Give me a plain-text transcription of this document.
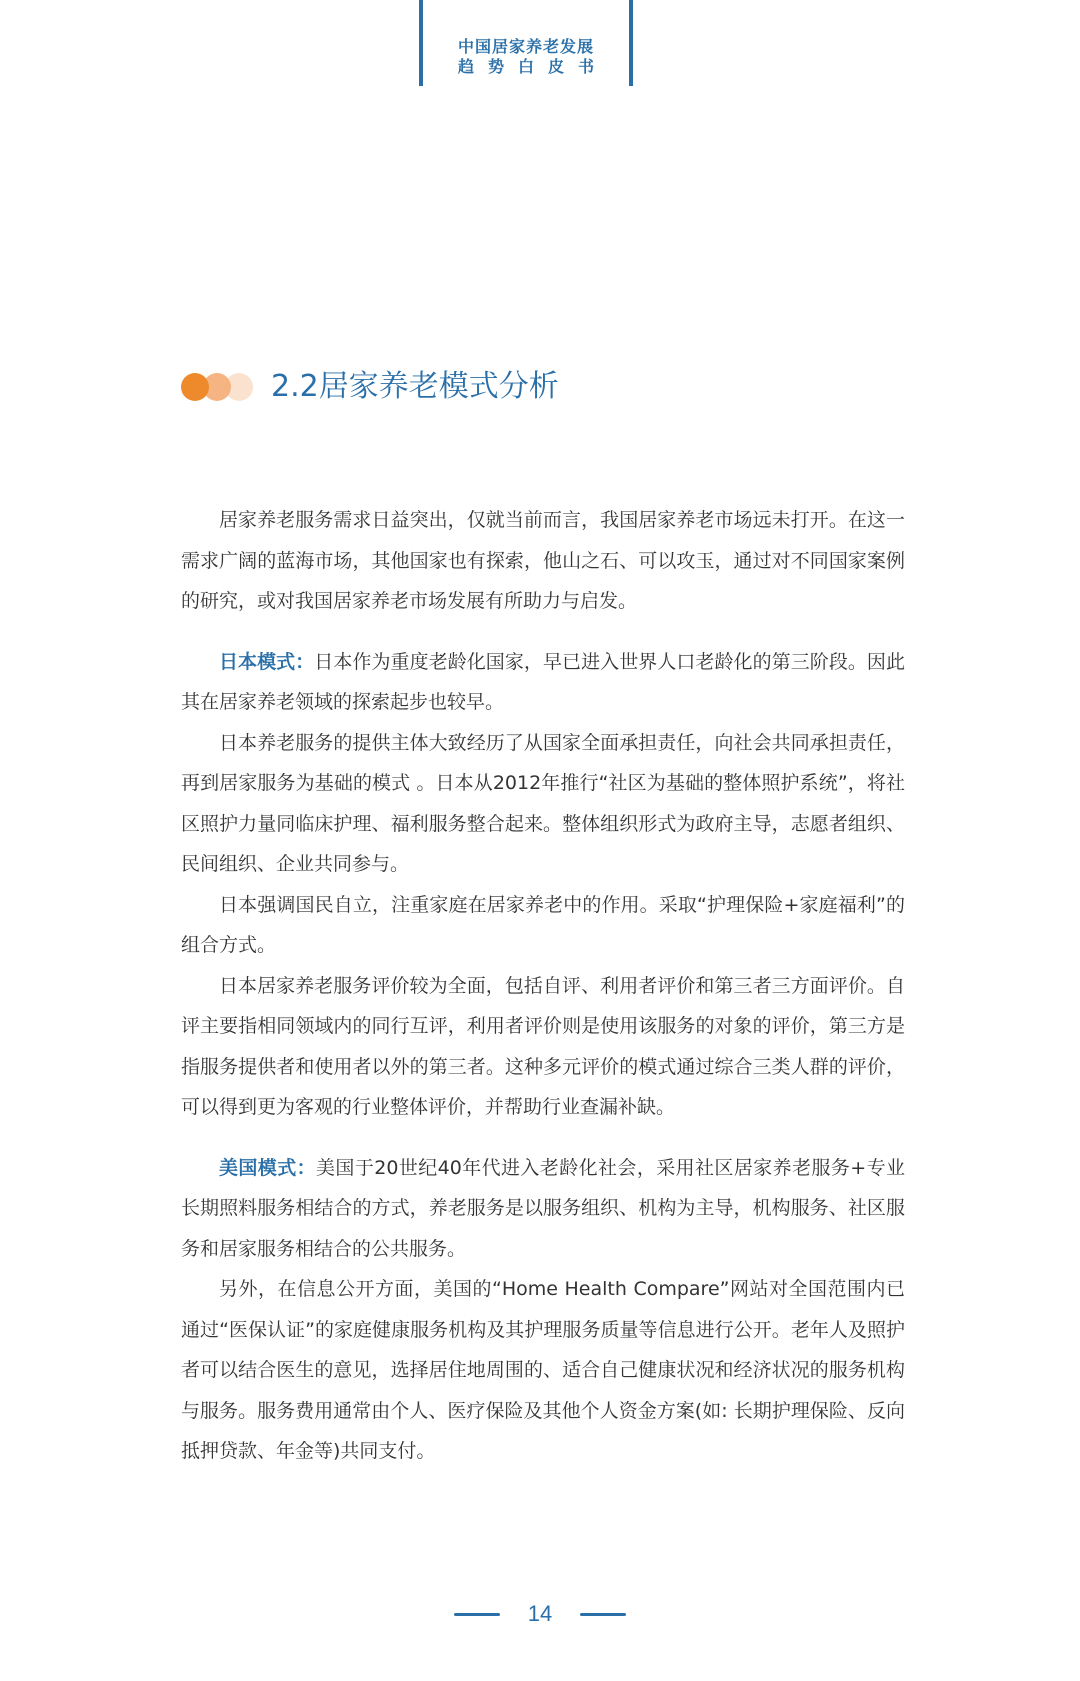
中国居家养老发展
趋势白皮书
2.2居家养老模式分析

居家养老服务需求日益突出，仅就当前而言，我国居家养老市场远未打开。在这一需求广阔的蓝海市场，其他国家也有探索，他山之石、可以攻玉，通过对不同国家案例的研究，或对我国居家养老市场发展有所助力与启发。

日本模式：日本作为重度老龄化国家，早已进入世界人口老龄化的第三阶段。因此其在居家养老领域的探索起步也较早。

日本养老服务的提供主体大致经历了从国家全面承担责任，向社会共同承担责任，再到居家服务为基础的模式 。日本从2012年推行“社区为基础的整体照护系统”，将社区照护力量同临床护理、福利服务整合起来。整体组织形式为政府主导，志愿者组织、民间组织、企业共同参与。

日本强调国民自立，注重家庭在居家养老中的作用。采取“护理保险+家庭福利”的组合方式。

日本居家养老服务评价较为全面，包括自评、利用者评价和第三者三方面评价。自评主要指相同领域内的同行互评，利用者评价则是使用该服务的对象的评价，第三方是指服务提供者和使用者以外的第三者。这种多元评价的模式通过综合三类人群的评价，可以得到更为客观的行业整体评价，并帮助行业查漏补缺。

美国模式：美国于20世纪40年代进入老龄化社会，采用社区居家养老服务+专业长期照料服务相结合的方式，养老服务是以服务组织、机构为主导，机构服务、社区服务和居家服务相结合的公共服务。

另外，在信息公开方面，美国的“Home Health Compare”网站对全国范围内已通过“医保认证”的家庭健康服务机构及其护理服务质量等信息进行公开。老年人及照护者可以结合医生的意见，选择居住地周围的、适合自己健康状况和经济状况的服务机构与服务。服务费用通常由个人、医疗保险及其他个人资金方案(如: 长期护理保险、反向抵押贷款、年金等)共同支付。

14
